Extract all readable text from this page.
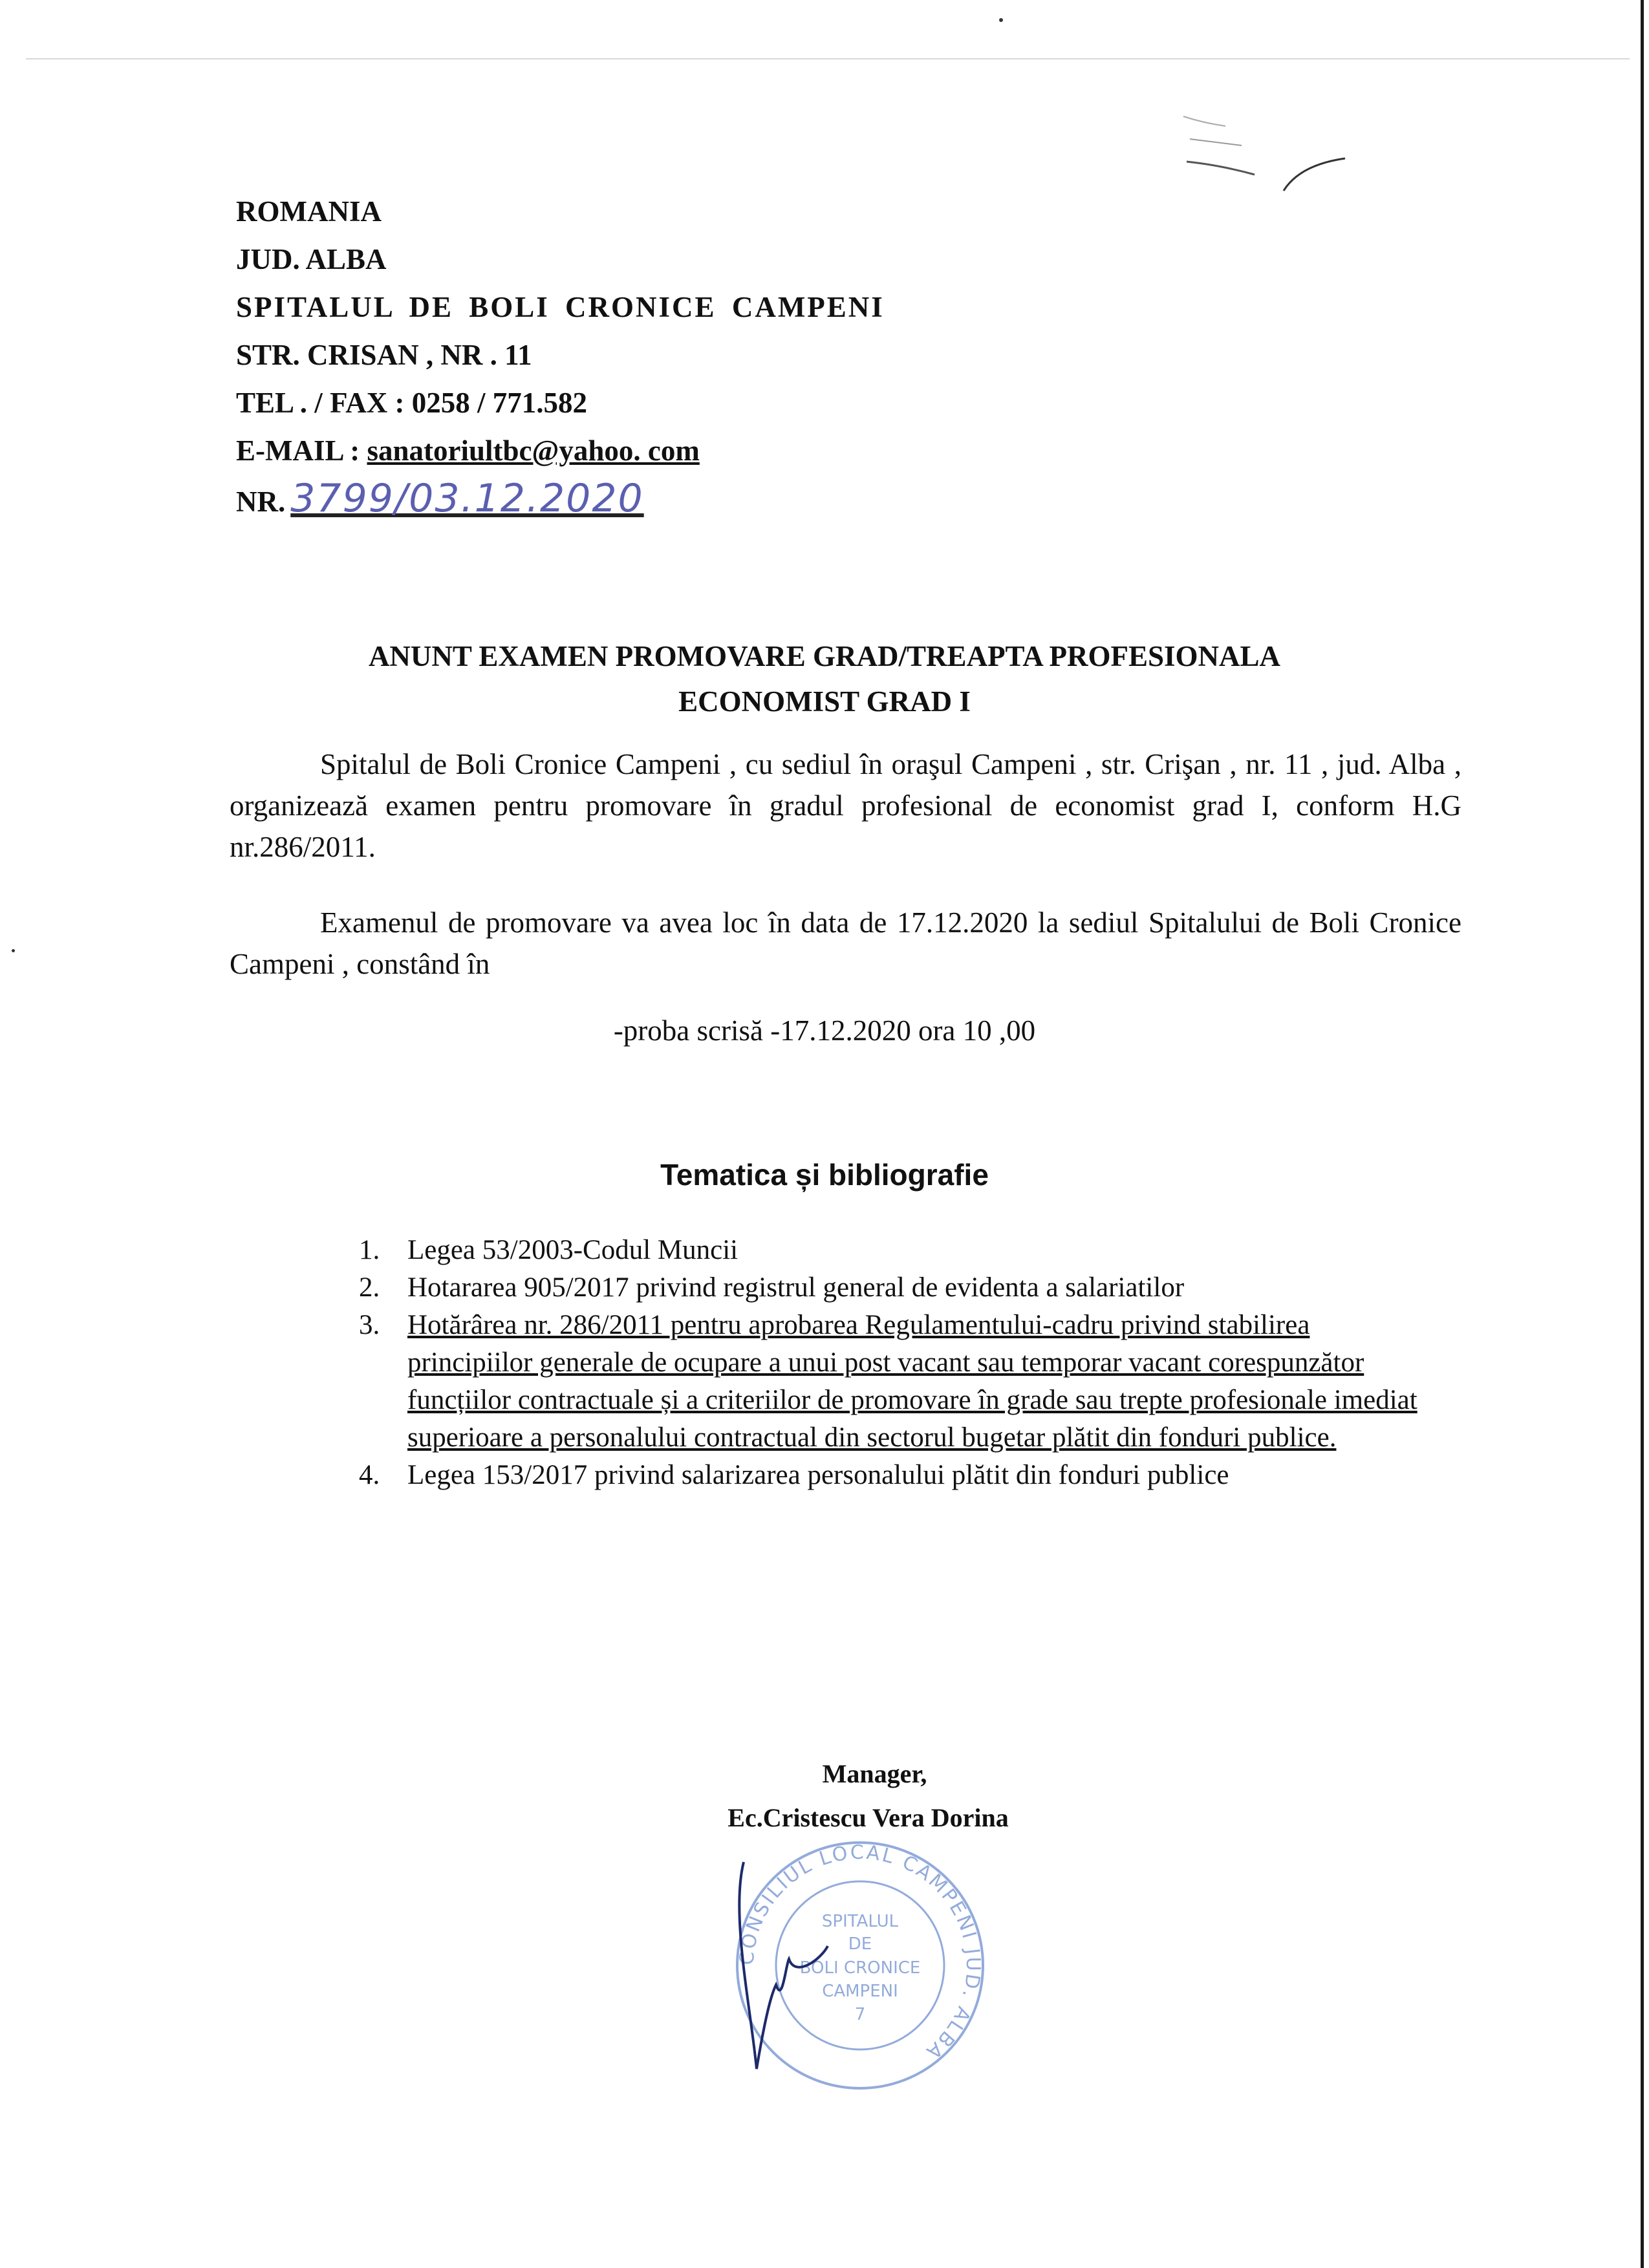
ROMANIA
JUD. ALBA
SPITALUL DE BOLI CRONICE CAMPENI
STR. CRISAN , NR . 11
TEL . / FAX : 0258 / 771.582
E-MAIL : sanatoriultbc@yahoo. com
NR. 3799/03.12.2020
ANUNT EXAMEN PROMOVARE GRAD/TREAPTA PROFESIONALA
ECONOMIST GRAD I
Spitalul de Boli Cronice Campeni , cu sediul în oraşul Campeni , str. Crişan , nr. 11 , jud. Alba , organizează examen pentru promovare în gradul profesional de economist grad I, conform H.G nr.286/2011.
Examenul de promovare va avea loc în data de 17.12.2020 la sediul Spitalului de Boli Cronice Campeni , constând în
-proba scrisă -17.12.2020 ora 10 ,00
Tematica și bibliografie
1. Legea 53/2003-Codul Muncii
2. Hotararea 905/2017 privind registrul general de evidenta a salariatilor
3. Hotărârea nr. 286/2011 pentru aprobarea Regulamentului-cadru privind stabilirea principiilor generale de ocupare a unui post vacant sau temporar vacant corespunzător funcțiilor contractuale și a criteriilor de promovare în grade sau trepte profesionale imediat superioare a personalului contractual din sectorul bugetar plătit din fonduri publice.
4. Legea 153/2017 privind salarizarea personalului plătit din fonduri publice
Manager,
Ec.Cristescu Vera Dorina
CONSILIUL LOCAL CAMPENI JUD. ALBA
SPITALUL
DE
BOLI CRONICE
CAMPENI
7
